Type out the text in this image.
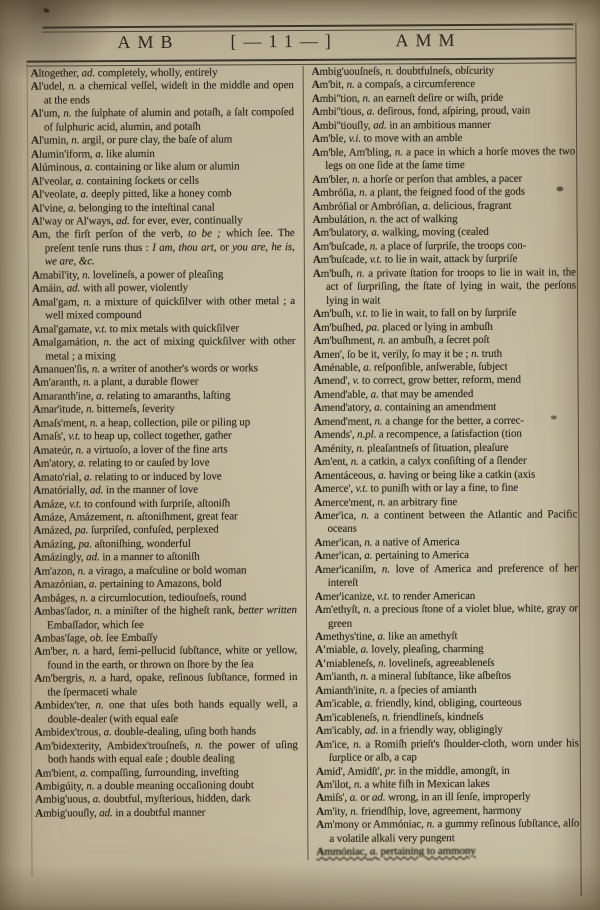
AMB	[—11—]	AMM

Altogether, ad. completely, wholly, entirely

Al'udel, n. a chemical veſſel, wideſt in the middle and open at the ends

Al'um, n. the ſulphate of alumin and potaſh, a ſalt compoſed of ſulphuric acid, alumin, and potaſh

Al'umin, n. argil, or pure clay, the baſe of alum

Alumin'iform, a. like alumin

Alúminous, a. containing or like alum or alumin

Al'veolar, a. containing ſockets or cells

Al'veolate, a. deeply pitted, like a honey comb

Al'vine, a. belonging to the inteſtinal canal

Al'way or Al'ways, ad. for ever, ever, continually

Am, the firſt perſon of the verb, to be ; which ſee. The preſent tenſe runs thus : I am, thou art, or you are, he is, we are, &c.

Amabil'ity, n. lovelineſs, a power of pleaſing

Amáin, ad. with all power, violently

Amal'gam, n. a mixture of quickſilver with other metal ; a well mixed compound

Amal'gamate, v.t. to mix metals with quickſilver

Amalgamátion, n. the act of mixing quickſilver with other metal ; a mixing

Amanuen'ſis, n. a writer of another's words or works

Am'aranth, n. a plant, a durable flower

Amaranth'ine, a. relating to amaranths, laſting

Amar'itude, n. bitterneſs, ſeverity

Amaſs'ment, n. a heap, collection, pile or piling up

Amaſs', v.t. to heap up, collect together, gather

Amateúr, n. a virtuoſo, a lover of the fine arts

Am'atory, a. relating to or cauſed by love

Amato'rial, a. relating to or induced by love

Amatórially, ad. in the manner of love

Amáze, v.t. to confound with ſurpriſe, aſtoniſh

Amáze, Amázement, n. aſtoniſhment, great fear

Amázed, pa. ſurpriſed, confuſed, perplexed

Amázing, pa. aſtoniſhing, wonderful

Amázingly, ad. in a manner to aſtoniſh

Am'azon, n. a virago, a maſculine or bold woman

Amazónian, a. pertaining to Amazons, bold

Ambáges, n. a circumlocution, tediouſneſs, round

Ambas'ſador, n. a miniſter of the higheſt rank, better written Embaſſador, which ſee

Ambas'ſage, ob. ſee Embaſſy

Am'ber, n. a hard, ſemi-pellucid ſubſtance, white or yellow, found in the earth, or thrown on ſhore by the ſea

Am'bergris, n. a hard, opake, reſinous ſubſtance, formed in the ſpermaceti whale

Ambidex'ter, n. one that uſes both hands equally well, a double-dealer (with equal eaſe

Ambidex'trous, a. double-dealing, uſing both hands

Am'bidexterity, Ambidex'trouſneſs, n. the power of uſing both hands with equal eaſe ; double dealing

Am'bient, a. compaſſing, ſurrounding, inveſting

Ambigúity, n. a double meaning occaſioning doubt

Ambig'uous, a. doubtful, myſterious, hidden, dark

Ambig'uouſly, ad. in a doubtful manner

Ambig'uouſneſs, n. doubtfulneſs, obſcurity

Am'bit, n. a compaſs, a circumference

Ambiʺtion, n. an earneſt deſire or wiſh, pride

Ambiʺtious, a. deſirous, fond, aſpiring, proud, vain

Ambiʺtiouſly, ad. in an ambitious manner

Am'ble, v.i. to move with an amble

Am'ble, Am'bling, n. a pace in which a horſe moves the two legs on one ſide at the ſame time

Am'bler, n. a horſe or perſon that ambles, a pacer

Ambróſia, n. a plant, the feigned food of the gods

Ambróſial or Ambróſian, a. delicious, fragrant

Ambulátion, n. the act of walking

Am'bulatory, a. walking, moving (cealed

Am'buſcade, n. a place of ſurpriſe, the troops con-

Am'buſcade, v.t. to lie in wait, attack by ſurpriſe

Am'buſh, n. a private ſtation for troops to lie in wait in, the act of ſurpriſing, the ſtate of lying in wait, the perſons lying in wait

Am'buſh, v.t. to lie in wait, to fall on by ſurpriſe

Am'buſhed, pa. placed or lying in ambuſh

Am'buſhment, n. an ambuſh, a ſecret poſt

Amen', ſo be it, verily, ſo may it be ; n. truth

Aménable, a. reſponſible, anſwerable, ſubject

Amend', v. to correct, grow better, reform, mend

Amend'able, a. that may be amended

Amend'atory, a. containing an amendment

Amend'ment, n. a change for the better, a correc-

Amends', n.pl. a recompence, a ſatisfaction (tion

Aménity, n. pleaſantneſs of ſituation, pleaſure

Am'ent, n. a catkin, a calyx conſiſting of a ſlender

Amentáceous, a. having or being like a catkin (axis

Amerce', v.t. to puniſh with or lay a fine, to fine

Amerce'ment, n. an arbitrary fine

Amer'ica, n. a continent between the Atlantic and Pacific oceans

Amer'ican, n. a native of America

Amer'ican, a. pertaining to America

Amer'icaniſm, n. love of America and preference of her intereſt

Amer'icanize, v.t. to render American

Am'ethyſt, n. a precious ſtone of a violet blue, white, gray or green

Amethys'tine, a. like an amethyſt

A'miable, a. lovely, pleaſing, charming

A'miableneſs, n. lovelineſs, agreeableneſs

Am'ianth, n. a mineral ſubſtance, like aſbeſtos

Amianth'inite, n. a ſpecies of amianth

Am'icable, a. friendly, kind, obliging, courteous

Am'icableneſs, n. friendlineſs, kindneſs

Am'icably, ad. in a friendly way, obligingly

Am'ice, n. a Romiſh prieſt's ſhoulder-cloth, worn under his ſurplice or alb, a cap

Amid', Amidſt', pr. in the middle, amongſt, in

Am'ilot, n. a white fiſh in Mexican lakes

Amiſs', a. or ad. wrong, in an ill ſenſe, improperly

Am'ity, n. friendſhip, love, agreement, harmony

Am'mony or Ammóniac, n. a gummy reſinous ſubſtance, alſo a volatile alkali very pungent

Ammóniac, a. pertaining to ammony
